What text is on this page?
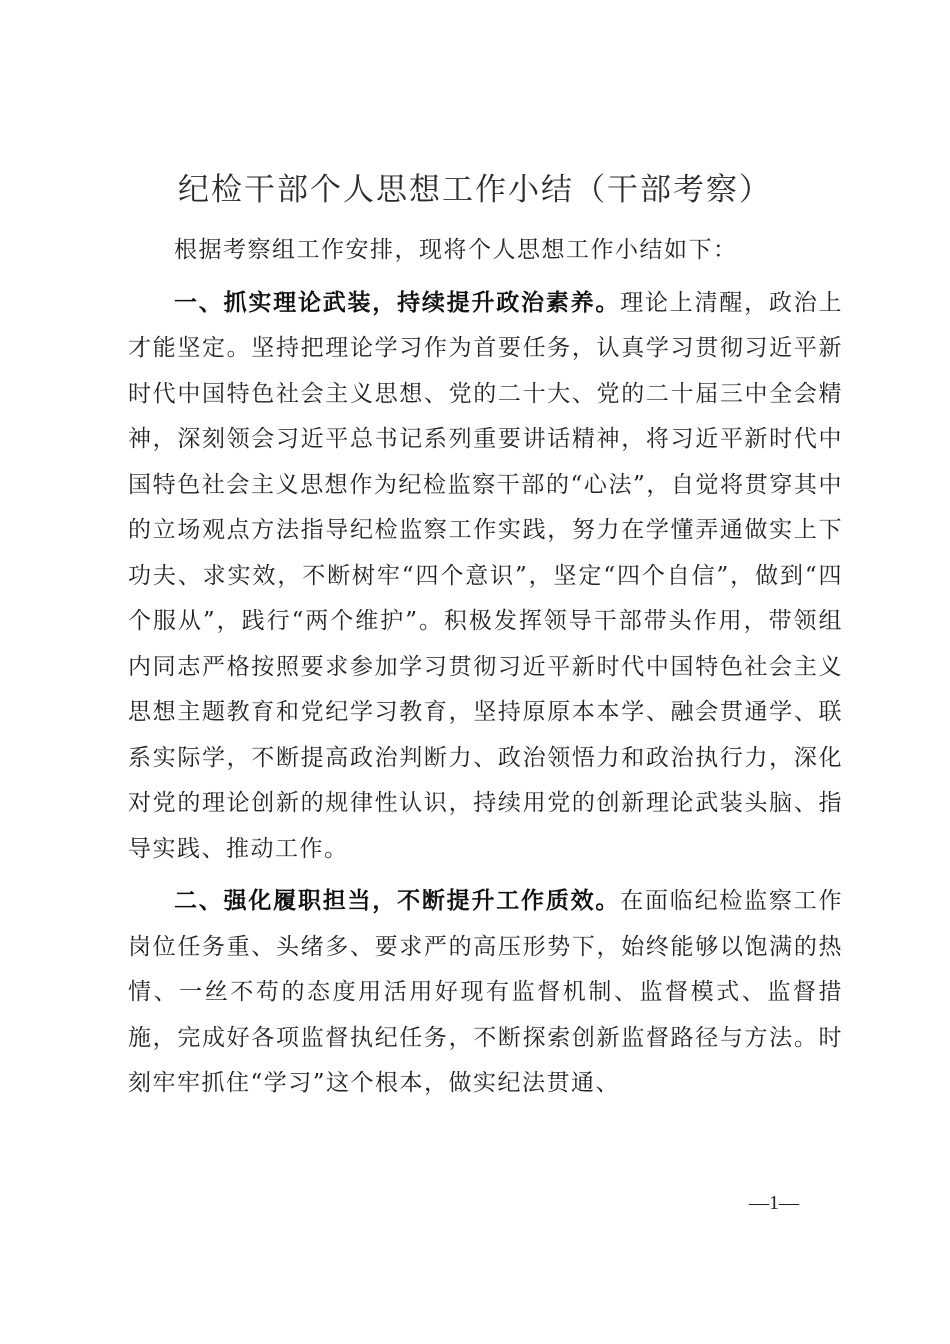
纪检干部个人思想工作小结（干部考察）

根据考察组工作安排，现将个人思想工作小结如下：

一、抓实理论武装，持续提升政治素养。理论上清醒，政治上才能坚定。坚持把理论学习作为首要任务，认真学习贯彻习近平新时代中国特色社会主义思想、党的二十大、党的二十届三中全会精神，深刻领会习近平总书记系列重要讲话精神，将习近平新时代中国特色社会主义思想作为纪检监察干部的“心法”，自觉将贯穿其中的立场观点方法指导纪检监察工作实践，努力在学懂弄通做实上下功夫、求实效，不断树牢“四个意识”，坚定“四个自信”，做到“四个服从”，践行“两个维护”。积极发挥领导干部带头作用，带领组内同志严格按照要求参加学习贯彻习近平新时代中国特色社会主义思想主题教育和党纪学习教育，坚持原原本本学、融会贯通学、联系实际学，不断提高政治判断力、政治领悟力和政治执行力，深化对党的理论创新的规律性认识，持续用党的创新理论武装头脑、指导实践、推动工作。

二、强化履职担当，不断提升工作质效。在面临纪检监察工作岗位任务重、头绪多、要求严的高压形势下，始终能够以饱满的热情、一丝不苟的态度用活用好现有监督机制、监督模式、监督措施，完成好各项监督执纪任务，不断探索创新监督路径与方法。时刻牢牢抓住“学习”这个根本，做实纪法贯通、

—1—
